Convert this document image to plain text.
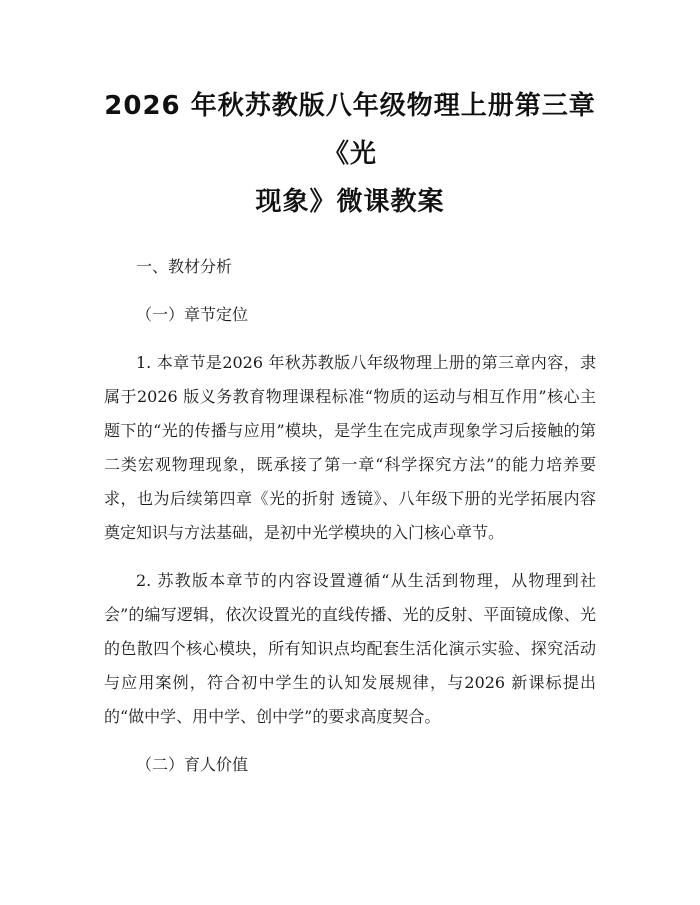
2026 年秋苏教版八年级物理上册第三章《光
现象》微课教案

一、教材分析

（一）章节定位

1. 本章节是2026 年秋苏教版八年级物理上册的第三章内容，隶属于2026 版义务教育物理课程标准“物质的运动与相互作用”核心主题下的“光的传播与应用”模块，是学生在完成声现象学习后接触的第二类宏观物理现象，既承接了第一章“科学探究方法”的能力培养要求，也为后续第四章《光的折射 透镜》、八年级下册的光学拓展内容奠定知识与方法基础，是初中光学模块的入门核心章节。

2. 苏教版本章节的内容设置遵循“从生活到物理，从物理到社会”的编写逻辑，依次设置光的直线传播、光的反射、平面镜成像、光的色散四个核心模块，所有知识点均配套生活化演示实验、探究活动与应用案例，符合初中学生的认知发展规律，与2026 新课标提出的“做中学、用中学、创中学”的要求高度契合。

（二）育人价值
